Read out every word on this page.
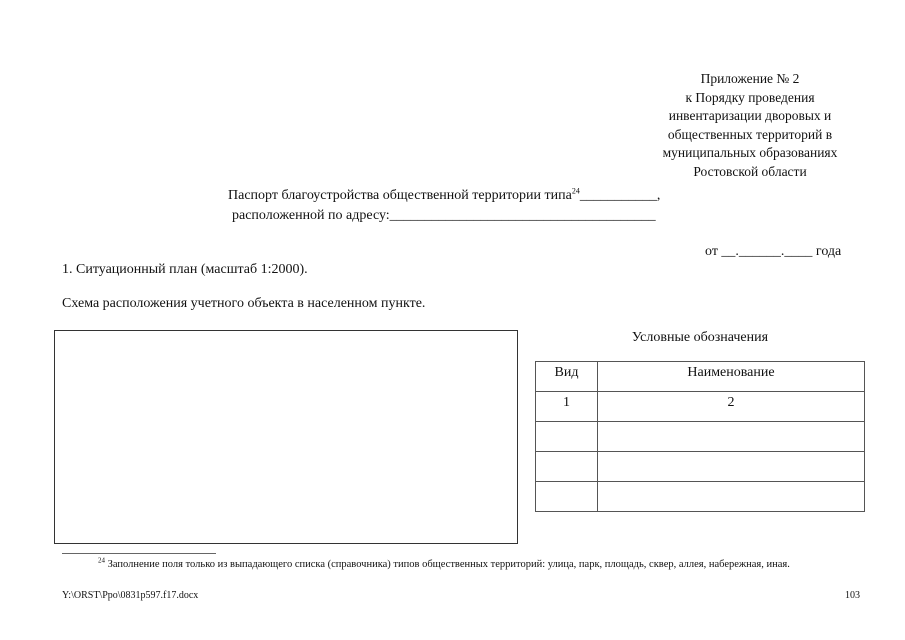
Приложение № 2
к Порядку проведения
инвентаризации дворовых и
общественных территорий в
муниципальных образованиях
Ростовской области
Паспорт благоустройства общественной территории типа$^{24}$___________,
расположенной по адресу:______________________________________
от __.______.____ года
1. Ситуационный план (масштаб 1:2000).
Схема расположения учетного объекта в населенном пункте.
Условные обозначения
Вид	Наименование
1	2

$^{24}$ Заполнение поля только из выпадающего списка (справочника) типов общественных территорий: улица, парк, площадь, сквер, аллея, набережная, иная.
Y:\ORST\Ppo\0831p597.f17.docx	103
